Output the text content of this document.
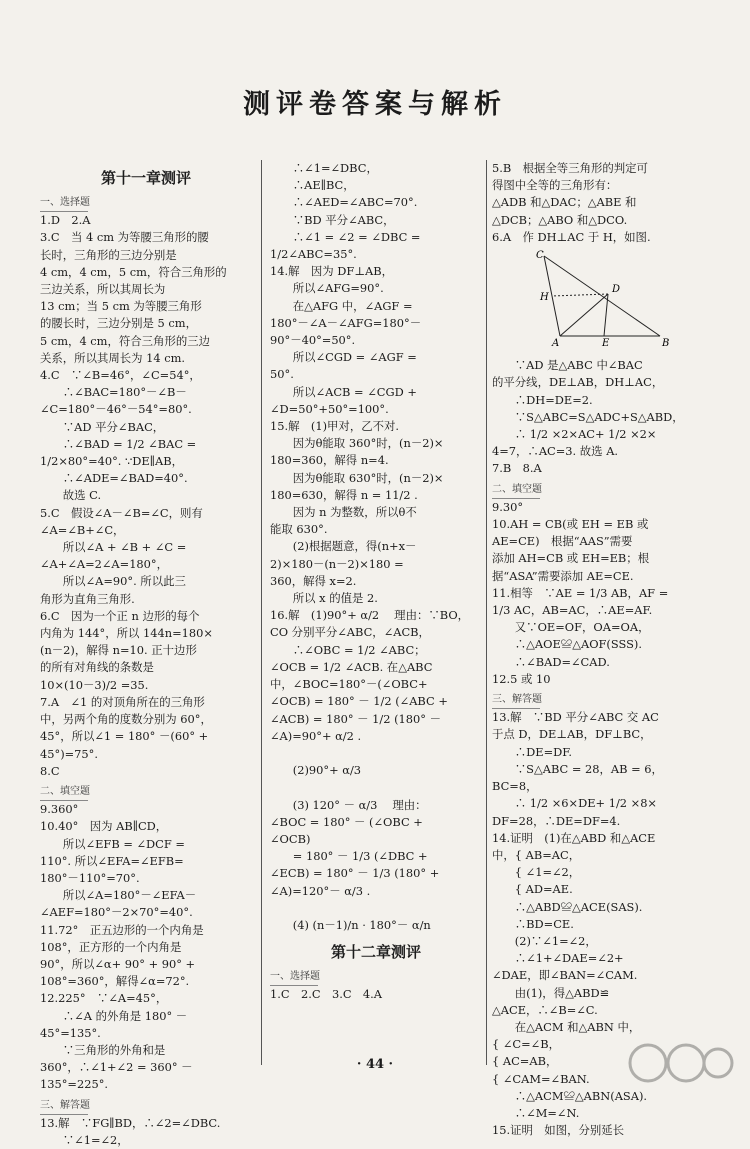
测评卷答案与解析
第十一章测评
一、选择题
1.D　2.A
3.C　当 4 cm 为等腰三角形的腰
长时，三角形的三边分别是
4 cm，4 cm，5 cm，符合三角形的
三边关系，所以其周长为
13 cm；当 5 cm 为等腰三角形
的腰长时，三边分别是 5 cm，
5 cm，4 cm，符合三角形的三边
关系，所以其周长为 14 cm.
4.C　∵∠B=46°，∠C=54°，
　　∴∠BAC=180°－∠B－
∠C=180°－46°－54°=80°.
　　∵AD 平分∠BAC，
　　∴∠BAD = 1/2 ∠BAC =
1/2×80°=40°. ∵DE∥AB，
　　∴∠ADE=∠BAD=40°.
　　故选 C.
5.C　假设∠A－∠B=∠C，则有
∠A=∠B+∠C，
　　所以∠A + ∠B + ∠C =
∠A+∠A=2∠A=180°，
　　所以∠A=90°. 所以此三
角形为直角三角形.
6.C　因为一个正 n 边形的每个
内角为 144°，所以 144n=180×
(n－2)，解得 n=10. 正十边形
的所有对角线的条数是
10×(10－3)/2 =35.
7.A　∠1 的对顶角所在的三角形
中，另两个角的度数分别为 60°，
45°，所以∠1 = 180° －(60° +
45°)=75°.
8.C
二、填空题
9.360°
10.40°　因为 AB∥CD，
　　所以∠EFB = ∠DCF =
110°. 所以∠EFA=∠EFB=
180°－110°=70°.
　　所以∠A=180°－∠EFA－
∠AEF=180°－2×70°=40°.
11.72°　正五边形的一个内角是
108°，正方形的一个内角是
90°，所以∠α+ 90° + 90° +
108°=360°，解得∠α=72°.
12.225°　∵∠A=45°，
　　∴∠A 的外角是 180° －
45°=135°.
　　∵三角形的外角和是
360°，∴∠1+∠2 = 360° －
135°=225°.
三、解答题
13.解　∵FG∥BD，∴∠2=∠DBC.
　　∵∠1=∠2，
　　∴∠1=∠DBC，
　　∴AE∥BC，
　　∴∠AED=∠ABC=70°.
　　∵BD 平分∠ABC，
　　∴∠1 = ∠2 = ∠DBC =
1/2∠ABC=35°.
14.解　因为 DF⊥AB，
　　所以∠AFG=90°.
　　在△AFG 中，∠AGF =
180°－∠A－∠AFG=180°－
90°－40°=50°.
　　所以∠CGD = ∠AGF =
50°.
　　所以∠ACB = ∠CGD +
∠D=50°+50°=100°.
15.解　(1)甲对，乙不对.
　　因为θ能取 360°时，(n－2)×
180=360，解得 n=4.
　　因为θ能取 630°时，(n－2)×
180=630，解得 n = 11/2 .
　　因为 n 为整数，所以θ不
能取 630°.
　　(2)根据题意，得(n+x－
2)×180－(n－2)×180 =
360，解得 x=2.
　　所以 x 的值是 2.
16.解　(1)90°+ α/2 　理由：∵BO，
CO 分别平分∠ABC，∠ACB，
　　∴∠OBC = 1/2 ∠ABC；
∠OCB = 1/2 ∠ACB. 在△ABC
中，∠BOC=180°－(∠OBC+
∠OCB) = 180° － 1/2 (∠ABC +
∠ACB) = 180° － 1/2 (180° －
∠A)=90°+ α/2 .

　　(2)90°+ α/3

　　(3) 120° － α/3 　理由：
∠BOC = 180° － (∠OBC +
∠OCB)
　　= 180° － 1/3 (∠DBC +
∠ECB) = 180° － 1/3 (180° +
∠A)=120°－ α/3 .

　　(4) (n－1)/n · 180°－ α/n
第十二章测评
一、选择题
1.C　2.C　3.C　4.A
5.B　根据全等三角形的判定可
得图中全等的三角形有：
△ADB 和△DAC；△ABE 和
△DCB；△ABO 和△DCO.
6.A　作 DH⊥AC 于 H，如图.
C
D
H
A	E	B
　　∵AD 是△ABC 中∠BAC
的平分线，DE⊥AB，DH⊥AC，
　　∴DH=DE=2.
　　∵S△ABC=S△ADC+S△ABD，
　　∴ 1/2 ×2×AC+ 1/2 ×2×
4=7，∴AC=3. 故选 A.
7.B　8.A
二、填空题
9.30°
10.AH = CB(或 EH = EB 或
AE=CE)　根据“AAS”需要
添加 AH=CB 或 EH=EB；根
据“ASA”需要添加 AE=CE.
11.相等　∵AE = 1/3 AB，AF =
1/3 AC，AB=AC，∴AE=AF.
　　又∵OE=OF，OA=OA，
　　∴△AOE≌△AOF(SSS).
　　∴∠BAD=∠CAD.
12.5 或 10
三、解答题
13.解　∵BD 平分∠ABC 交 AC
于点 D，DE⊥AB，DF⊥BC，
　　∴DE=DF.
　　∵S△ABC = 28，AB = 6，
BC=8，
　　∴ 1/2 ×6×DE+ 1/2 ×8×
DF=28，∴DE=DF=4.
14.证明　(1)在△ABD 和△ACE
中，{ AB=AC，
　　{ ∠1=∠2，
　　{ AD=AE.
　　∴△ABD≌△ACE(SAS).
　　∴BD=CE.
　　(2)∵∠1=∠2，
　　∴∠1+∠DAE=∠2+
∠DAE，即∠BAN=∠CAM.
　　由(1)，得△ABD≌
△ACE，∴∠B=∠C.
　　在△ACM 和△ABN 中，
{ ∠C=∠B，
{ AC=AB，
{ ∠CAM=∠BAN.
　　∴△ACM≌△ABN(ASA).
　　∴∠M=∠N.
15.证明　如图，分别延长
· 44 ·
